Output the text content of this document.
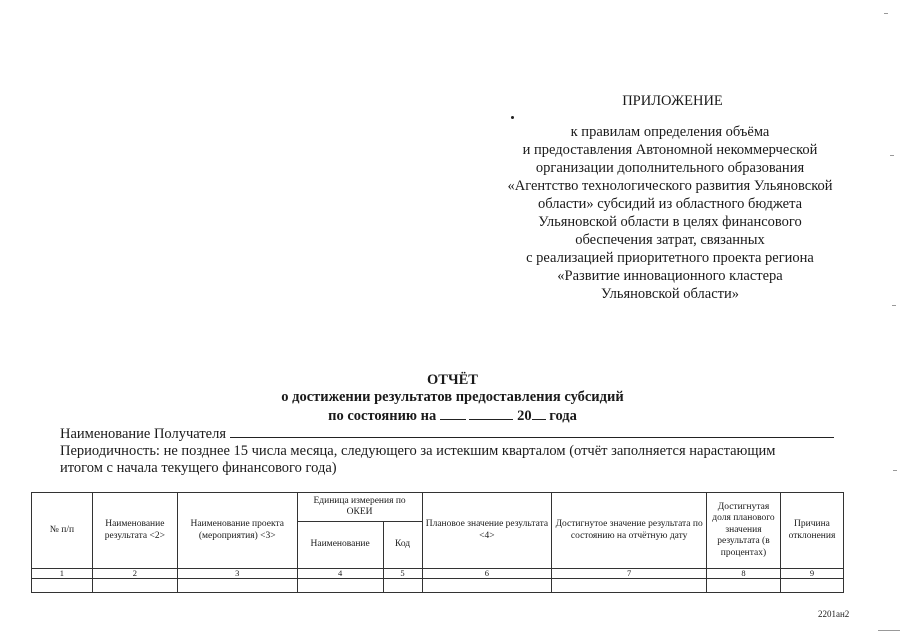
ПРИЛОЖЕНИЕ
к правилам определения объёма
и предоставления Автономной некоммерческой
организации дополнительного образования
«Агентство технологического развития Ульяновской
области» субсидий из областного бюджета
Ульяновской области в целях финансового
обеспечения затрат, связанных
с реализацией приоритетного проекта региона
«Развитие инновационного кластера
Ульяновской области»
ОТЧЁТ
о достижении результатов предоставления субсидий
по состоянию на	20 года
Наименование Получателя
Периодичность: не позднее 15 числа месяца, следующего за истекшим кварталом (отчёт заполняется нарастающим
итогом с начала текущего финансового года)
№ п/п	Наименование результата <2>	Наименование проекта (мероприятия) <3>	Единица измерения по ОКЕИ		Плановое значение результата <4>	Достигнутое значение результата по состоянию на отчётную дату	Достигнутая доля планового значения результата (в процентах)	Причина отклонения
			Наименование	Код				
1	2	3	4	5	6	7	8	9

2201ан2
